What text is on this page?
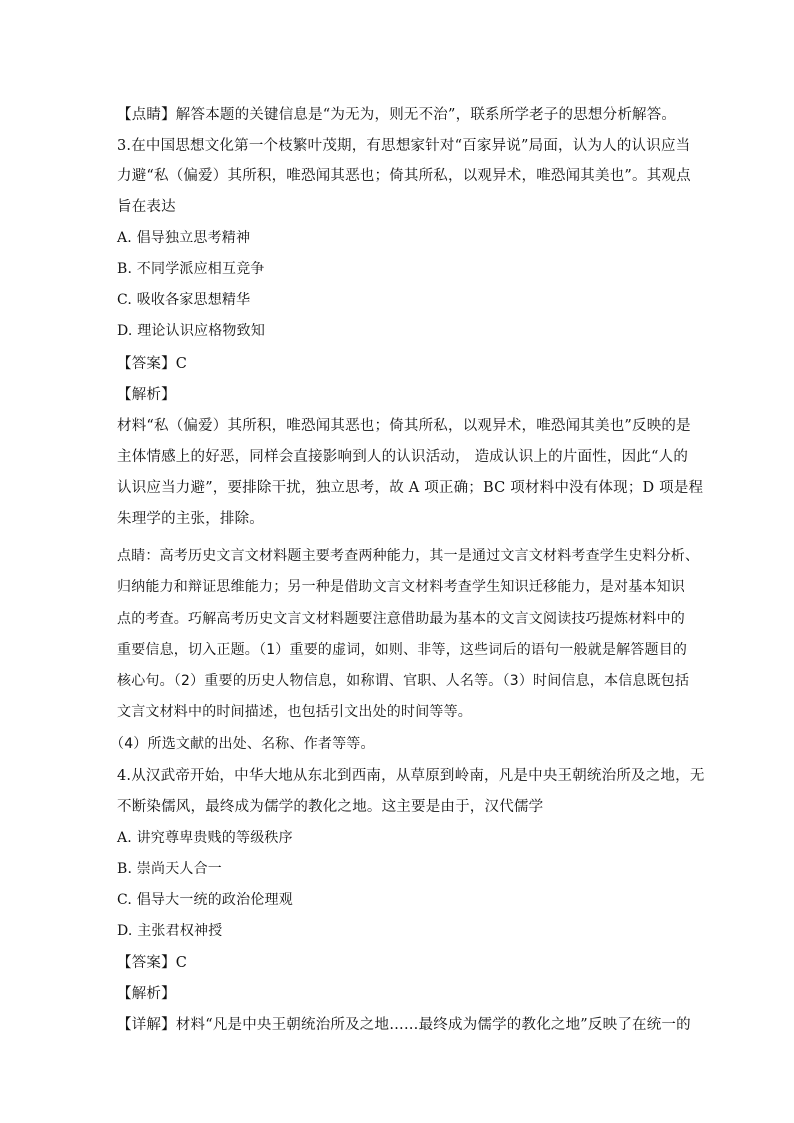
【点睛】解答本题的关键信息是“为无为，则无不治”，联系所学老子的思想分析解答。
3.在中国思想文化第一个枝繁叶茂期，有思想家针对“百家异说”局面，认为人的认识应当
力避“私（偏爱）其所积，唯恐闻其恶也；倚其所私，以观异术，唯恐闻其美也”。其观点
旨在表达
A. 倡导独立思考精神
B. 不同学派应相互竞争
C. 吸收各家思想精华
D. 理论认识应格物致知
【答案】C
【解析】
材料“私（偏爱）其所积，唯恐闻其恶也；倚其所私，以观异术，唯恐闻其美也”反映的是
主体情感上的好恶，同样会直接影响到人的认识活动， 造成认识上的片面性，因此“人的
认识应当力避”，要排除干扰，独立思考，故 A 项正确；BC 项材料中没有体现；D 项是程
朱理学的主张，排除。
点睛：高考历史文言文材料题主要考查两种能力，其一是通过文言文材料考查学生史料分析、
归纳能力和辩证思维能力；另一种是借助文言文材料考查学生知识迁移能力，是对基本知识
点的考查。巧解高考历史文言文材料题要注意借助最为基本的文言文阅读技巧提炼材料中的
重要信息，切入正题。（1）重要的虚词，如则、非等，这些词后的语句一般就是解答题目的
核心句。（2）重要的历史人物信息，如称谓、官职、人名等。（3）时间信息，本信息既包括
文言文材料中的时间描述，也包括引文出处的时间等等。
（4）所选文献的出处、名称、作者等等。
4.从汉武帝开始，中华大地从东北到西南，从草原到岭南，凡是中央王朝统治所及之地，无
不断染儒风，最终成为儒学的教化之地。这主要是由于，汉代儒学
A. 讲究尊卑贵贱的等级秩序
B. 崇尚天人合一
C. 倡导大一统的政治伦理观
D. 主张君权神授
【答案】C
【解析】
【详解】材料“凡是中央王朝统治所及之地……最终成为儒学的教化之地”反映了在统一的
